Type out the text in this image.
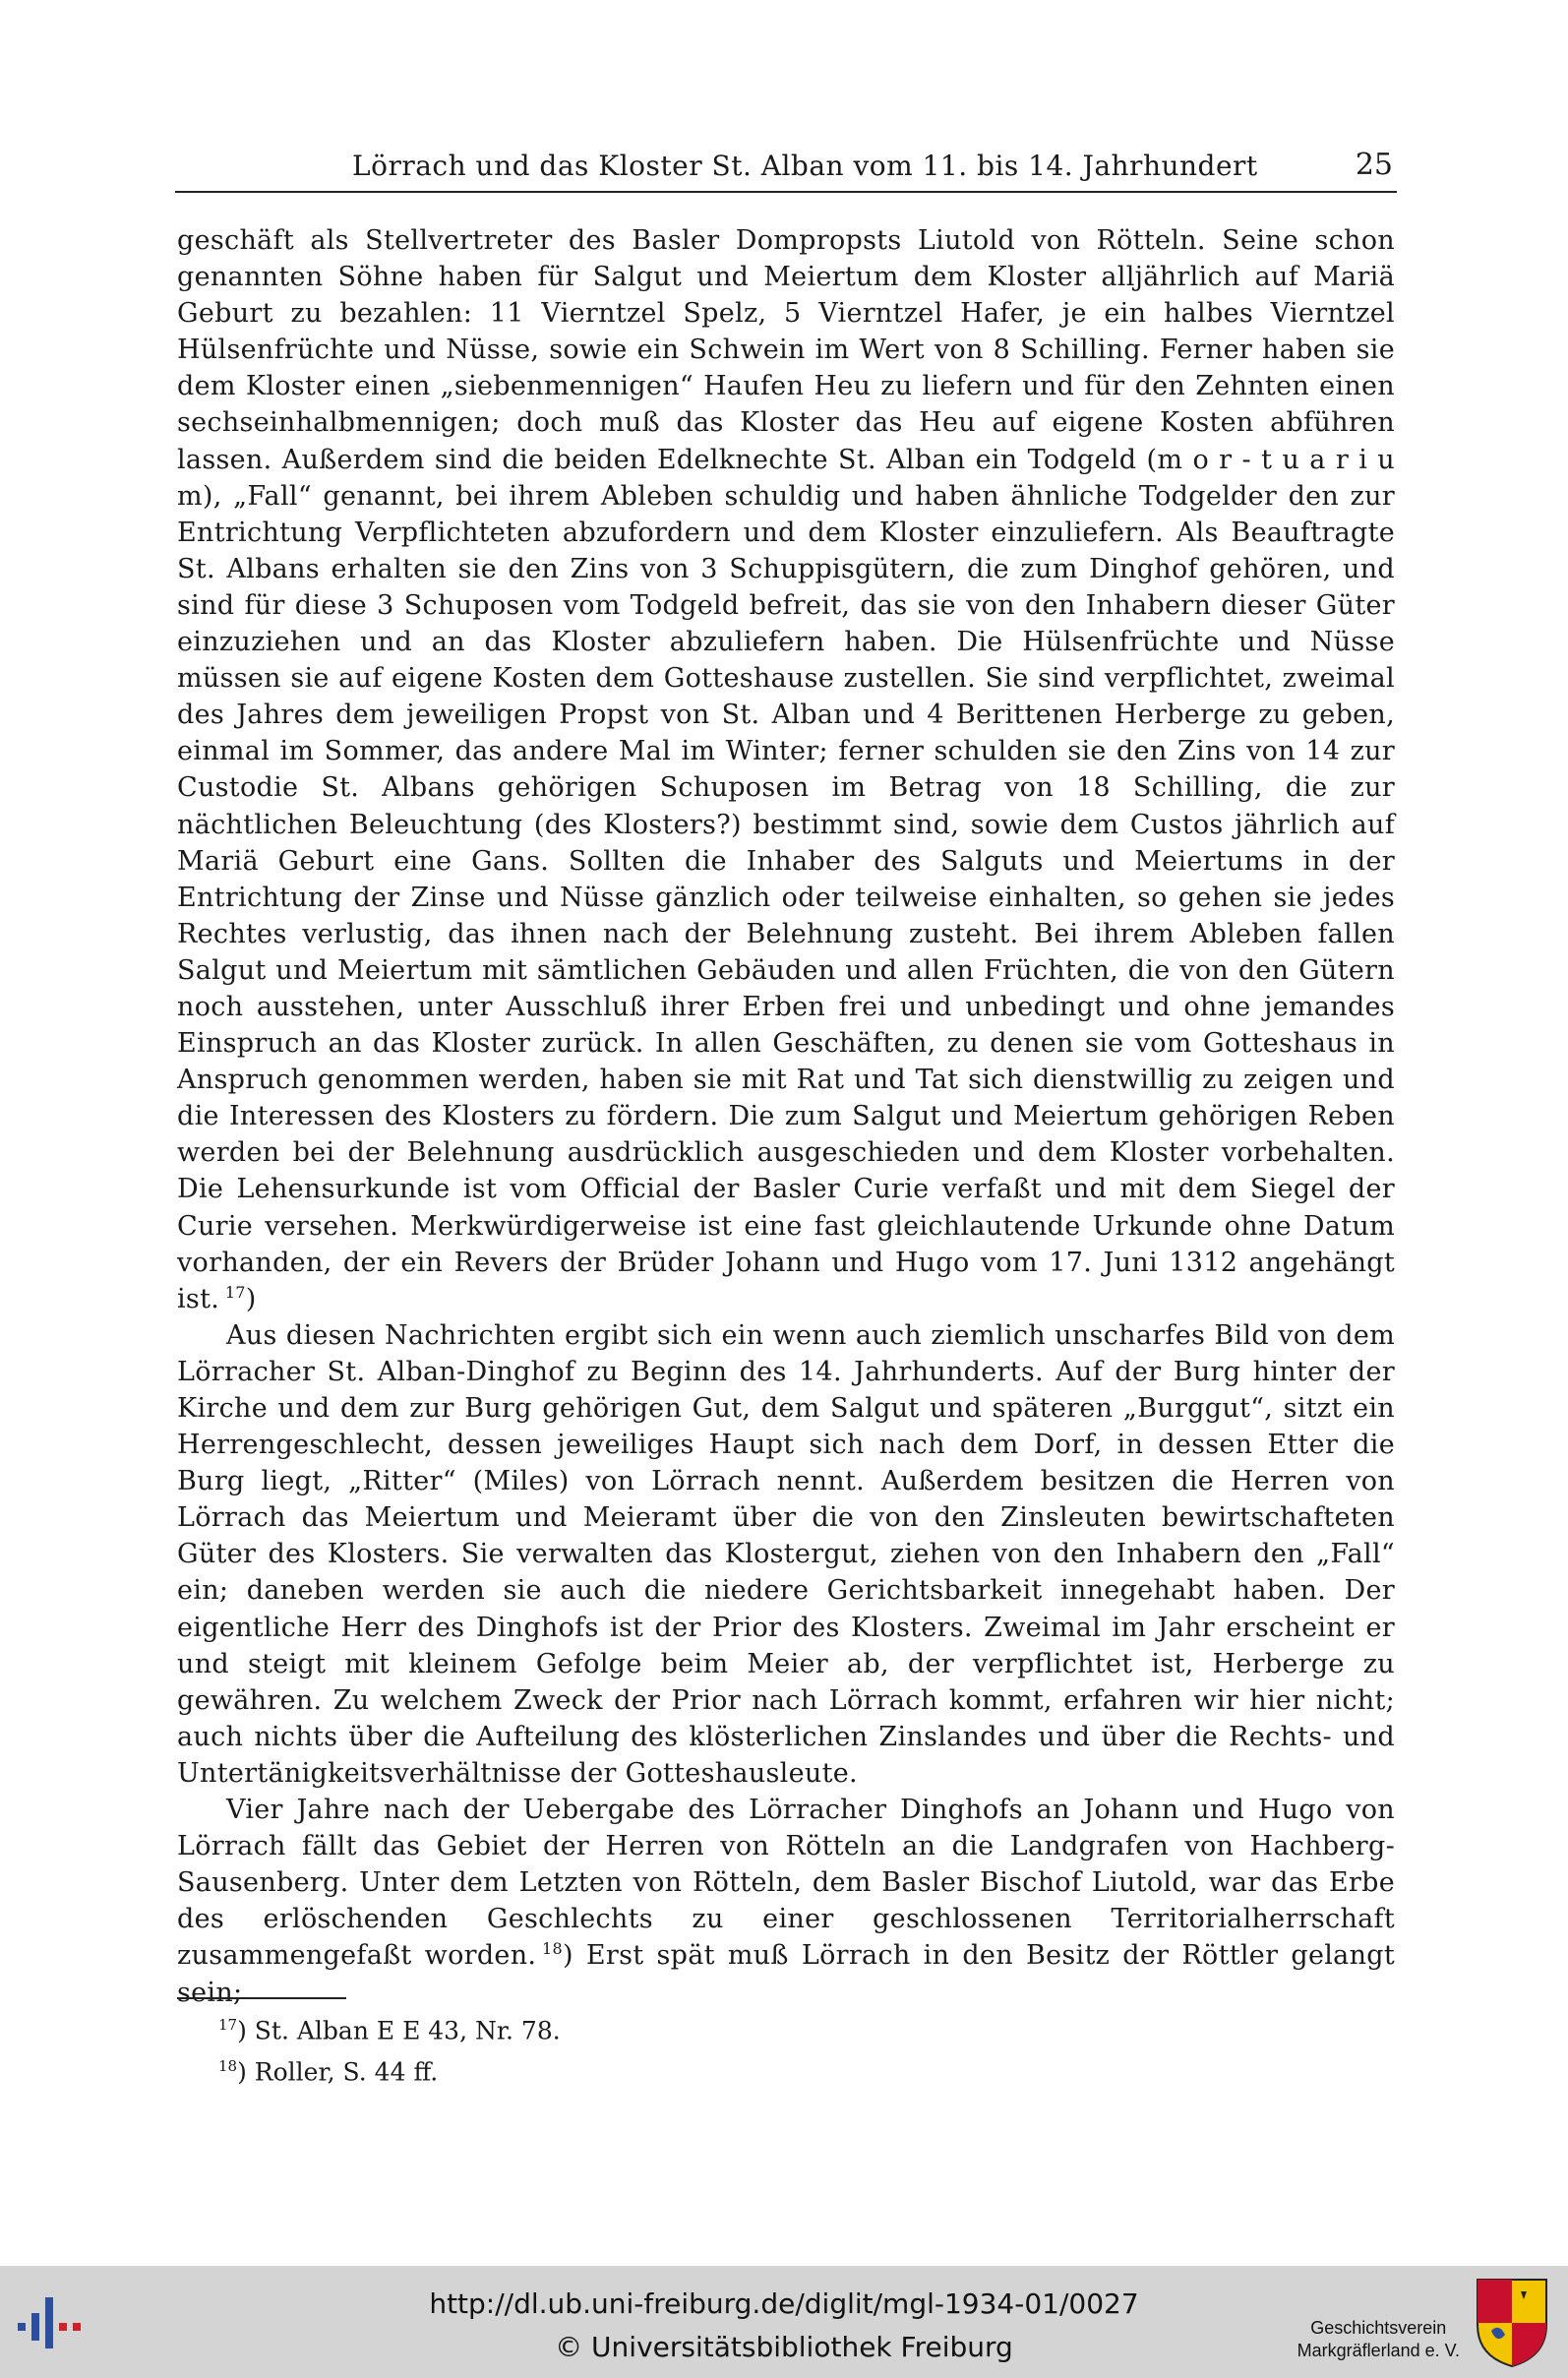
Lörrach und das Kloster St. Alban vom 11. bis 14. Jahrhundert	25

geschäft als Stellvertreter des Basler Dompropsts Liutold von Rötteln. Seine schon genannten Söhne haben für Salgut und Meiertum dem Kloster alljährlich auf Mariä Geburt zu bezahlen: 11 Vierntzel Spelz, 5 Vierntzel Hafer, je ein halbes Vierntzel Hülsenfrüchte und Nüsse, sowie ein Schwein im Wert von 8 Schilling. Ferner haben sie dem Kloster einen „siebenmennigen“ Haufen Heu zu liefern und für den Zehnten einen sechseinhalbmennigen; doch muß das Kloster das Heu auf eigene Kosten abführen lassen. Außerdem sind die beiden Edelknechte St. Alban ein Todgeld (m o r - t u a r i u m), „Fall“ genannt, bei ihrem Ableben schuldig und haben ähnliche Todgelder den zur Entrichtung Verpflichteten abzufordern und dem Kloster einzuliefern. Als Beauftragte St. Albans erhalten sie den Zins von 3 Schuppisgütern, die zum Dinghof gehören, und sind für diese 3 Schuposen vom Todgeld befreit, das sie von den Inhabern dieser Güter einzuziehen und an das Kloster abzuliefern haben. Die Hülsenfrüchte und Nüsse müssen sie auf eigene Kosten dem Gotteshause zustellen. Sie sind verpflichtet, zweimal des Jahres dem jeweiligen Propst von St. Alban und 4 Berittenen Herberge zu geben, einmal im Sommer, das andere Mal im Winter; ferner schulden sie den Zins von 14 zur Custodie St. Albans gehörigen Schuposen im Betrag von 18 Schilling, die zur nächtlichen Beleuchtung (des Klosters?) bestimmt sind, sowie dem Custos jährlich auf Mariä Geburt eine Gans. Sollten die Inhaber des Salguts und Meiertums in der Entrichtung der Zinse und Nüsse gänzlich oder teilweise einhalten, so gehen sie jedes Rechtes verlustig, das ihnen nach der Belehnung zusteht. Bei ihrem Ableben fallen Salgut und Meiertum mit sämtlichen Gebäuden und allen Früchten, die von den Gütern noch ausstehen, unter Ausschluß ihrer Erben frei und unbedingt und ohne jemandes Einspruch an das Kloster zurück. In allen Geschäften, zu denen sie vom Gotteshaus in Anspruch genommen werden, haben sie mit Rat und Tat sich dienstwillig zu zeigen und die Interessen des Klosters zu fördern. Die zum Salgut und Meiertum gehörigen Reben werden bei der Belehnung ausdrücklich ausgeschieden und dem Kloster vorbehalten. Die Lehensurkunde ist vom Official der Basler Curie verfaßt und mit dem Siegel der Curie versehen. Merkwürdigerweise ist eine fast gleichlautende Urkunde ohne Datum vorhanden, der ein Revers der Brüder Johann und Hugo vom 17. Juni 1312 angehängt ist.  $^{17}$)

Aus diesen Nachrichten ergibt sich ein wenn auch ziemlich unscharfes Bild von dem Lörracher St. Alban-Dinghof zu Beginn des 14. Jahrhunderts. Auf der Burg hinter der Kirche und dem zur Burg gehörigen Gut, dem Salgut und späteren „Burggut“, sitzt ein Herrengeschlecht, dessen jeweiliges Haupt sich nach dem Dorf, in dessen Etter die Burg liegt, „Ritter“ (Miles) von Lörrach nennt. Außerdem besitzen die Herren von Lörrach das Meiertum und Meieramt über die von den Zinsleuten bewirtschafteten Güter des Klosters. Sie verwalten das Klostergut, ziehen von den Inhabern den „Fall“ ein; daneben werden sie auch die niedere Gerichtsbarkeit innegehabt haben. Der eigentliche Herr des Dinghofs ist der Prior des Klosters. Zweimal im Jahr erscheint er und steigt mit kleinem Gefolge beim Meier ab, der verpflichtet ist, Herberge zu gewähren. Zu welchem Zweck der Prior nach Lörrach kommt, erfahren wir hier nicht; auch nichts über die Aufteilung des klösterlichen Zinslandes und über die Rechts- und Untertänigkeitsverhältnisse der Gotteshausleute.

Vier Jahre nach der Uebergabe des Lörracher Dinghofs an Johann und Hugo von Lörrach fällt das Gebiet der Herren von Rötteln an die Landgrafen von Hachberg-Sausenberg. Unter dem Letzten von Rötteln, dem Basler Bischof Liutold, war das Erbe des erlöschenden Geschlechts zu einer geschlossenen Territorialherrschaft zusammengefaßt worden.  $^{18}$) Erst spät muß Lörrach in den Besitz der Röttler gelangt sein;

$^{17}$) St. Alban E E 43, Nr. 78.
$^{18}$) Roller, S. 44 ff.
http://dl.ub.uni-freiburg.de/diglit/mgl-1934-01/0027
© Universitätsbibliothek Freiburg
Geschichtsverein
Markgräflerland e. V.
